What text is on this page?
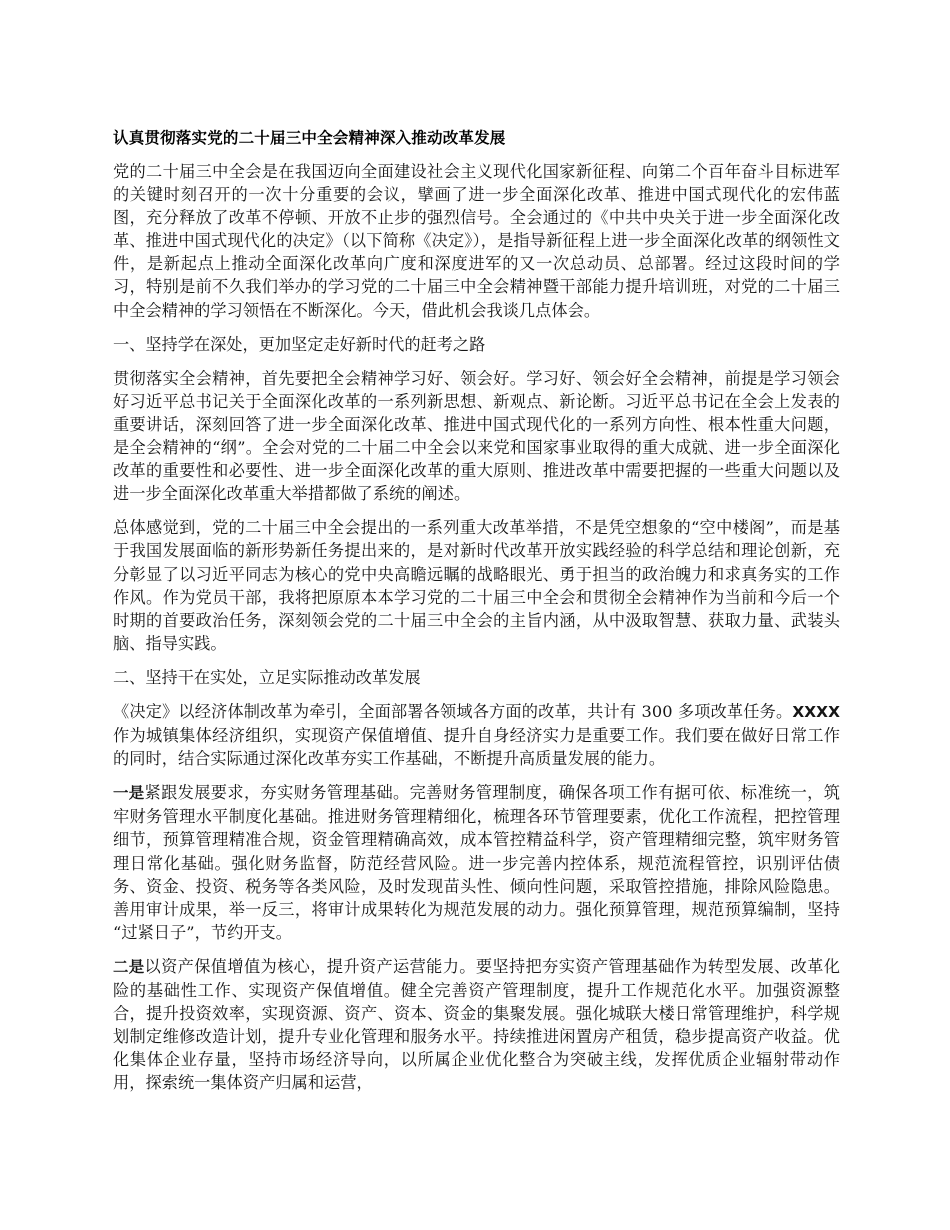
认真贯彻落实党的二十届三中全会精神深入推动改革发展

党的二十届三中全会是在我国迈向全面建设社会主义现代化国家新征程、向第二个百年奋斗目标进军的关键时刻召开的一次十分重要的会议，擘画了进一步全面深化改革、推进中国式现代化的宏伟蓝图，充分释放了改革不停顿、开放不止步的强烈信号。全会通过的《中共中央关于进一步全面深化改革、推进中国式现代化的决定》（以下简称《决定》），是指导新征程上进一步全面深化改革的纲领性文件，是新起点上推动全面深化改革向广度和深度进军的又一次总动员、总部署。经过这段时间的学习，特别是前不久我们举办的学习党的二十届三中全会精神暨干部能力提升培训班，对党的二十届三中全会精神的学习领悟在不断深化。今天，借此机会我谈几点体会。

一、坚持学在深处，更加坚定走好新时代的赶考之路

贯彻落实全会精神，首先要把全会精神学习好、领会好。学习好、领会好全会精神，前提是学习领会好习近平总书记关于全面深化改革的一系列新思想、新观点、新论断。习近平总书记在全会上发表的重要讲话，深刻回答了进一步全面深化改革、推进中国式现代化的一系列方向性、根本性重大问题，是全会精神的“纲”。全会对党的二十届二中全会以来党和国家事业取得的重大成就、进一步全面深化改革的重要性和必要性、进一步全面深化改革的重大原则、推进改革中需要把握的一些重大问题以及进一步全面深化改革重大举措都做了系统的阐述。

总体感觉到，党的二十届三中全会提出的一系列重大改革举措，不是凭空想象的“空中楼阁”，而是基于我国发展面临的新形势新任务提出来的，是对新时代改革开放实践经验的科学总结和理论创新，充分彰显了以习近平同志为核心的党中央高瞻远瞩的战略眼光、勇于担当的政治魄力和求真务实的工作作风。作为党员干部，我将把原原本本学习党的二十届三中全会和贯彻全会精神作为当前和今后一个时期的首要政治任务，深刻领会党的二十届三中全会的主旨内涵，从中汲取智慧、获取力量、武装头脑、指导实践。

二、坚持干在实处，立足实际推动改革发展

《决定》以经济体制改革为牵引，全面部署各领域各方面的改革，共计有 300 多项改革任务。XXXX 作为城镇集体经济组织，实现资产保值增值、提升自身经济实力是重要工作。我们要在做好日常工作的同时，结合实际通过深化改革夯实工作基础，不断提升高质量发展的能力。

一是紧跟发展要求，夯实财务管理基础。完善财务管理制度，确保各项工作有据可依、标准统一，筑牢财务管理水平制度化基础。推进财务管理精细化，梳理各环节管理要素，优化工作流程，把控管理细节，预算管理精准合规，资金管理精确高效，成本管控精益科学，资产管理精细完整，筑牢财务管理日常化基础。强化财务监督，防范经营风险。进一步完善内控体系，规范流程管控，识别评估债务、资金、投资、税务等各类风险，及时发现苗头性、倾向性问题，采取管控措施，排除风险隐患。善用审计成果，举一反三，将审计成果转化为规范发展的动力。强化预算管理，规范预算编制，坚持“过紧日子”，节约开支。

二是以资产保值增值为核心，提升资产运营能力。要坚持把夯实资产管理基础作为转型发展、改革化险的基础性工作、实现资产保值增值。健全完善资产管理制度，提升工作规范化水平。加强资源整合，提升投资效率，实现资源、资产、资本、资金的集聚发展。强化城联大楼日常管理维护，科学规划制定维修改造计划，提升专业化管理和服务水平。持续推进闲置房产租赁，稳步提高资产收益。优化集体企业存量，坚持市场经济导向，以所属企业优化整合为突破主线，发挥优质企业辐射带动作用，探索统一集体资产归属和运营，
